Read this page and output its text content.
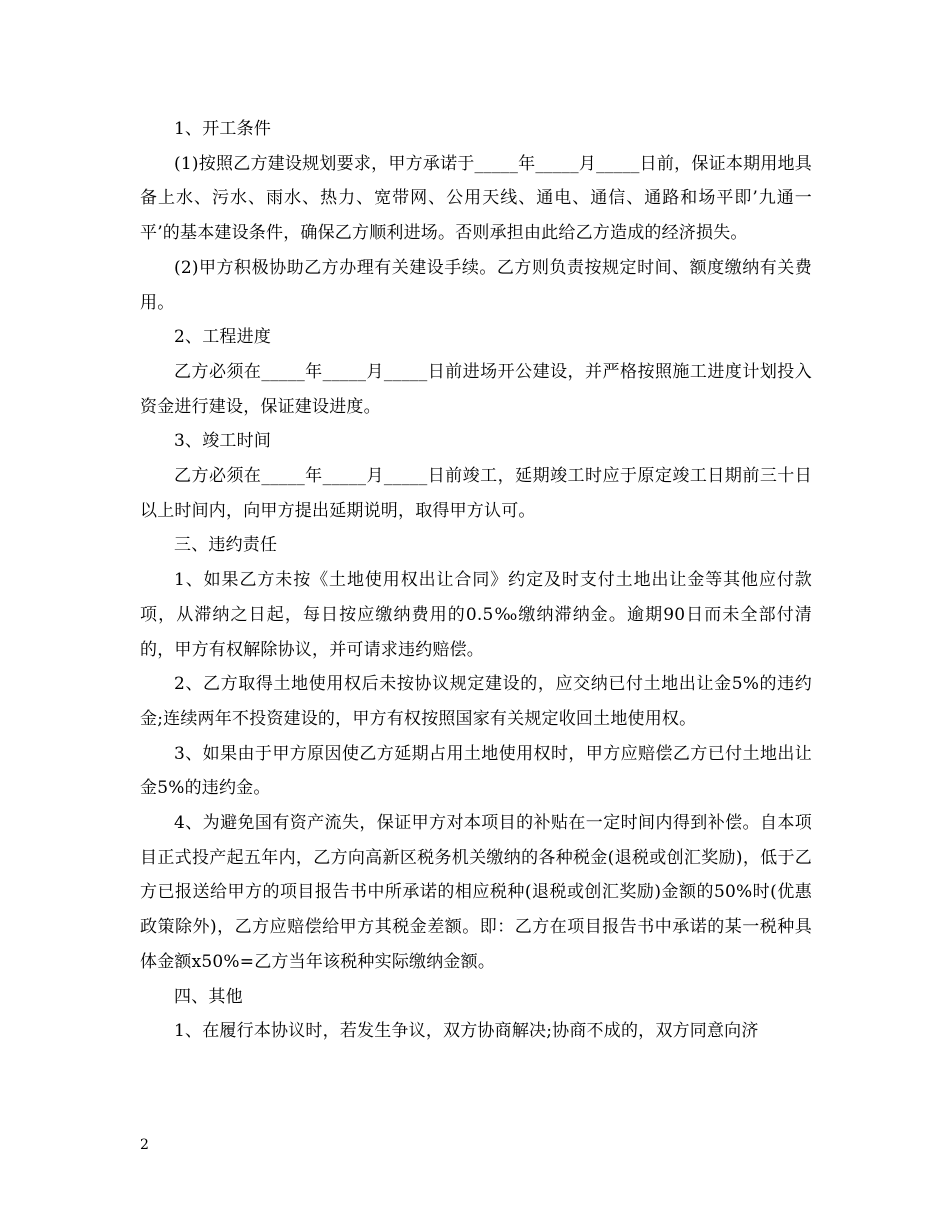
1、开工条件

(1)按照乙方建设规划要求，甲方承诺于_____年_____月_____日前，保证本期用地具备上水、污水、雨水、热力、宽带网、公用天线、通电、通信、通路和场平即’九通一平’的基本建设条件，确保乙方顺利进场。否则承担由此给乙方造成的经济损失。

(2)甲方积极协助乙方办理有关建设手续。乙方则负责按规定时间、额度缴纳有关费用。

2、工程进度

乙方必须在_____年_____月_____日前进场开公建设，并严格按照施工进度计划投入资金进行建设，保证建设进度。

3、竣工时间

乙方必须在_____年_____月_____日前竣工，延期竣工时应于原定竣工日期前三十日以上时间内，向甲方提出延期说明，取得甲方认可。

三、违约责任

1、如果乙方未按《土地使用权出让合同》约定及时支付土地出让金等其他应付款项，从滞纳之日起，每日按应缴纳费用的0.5‰缴纳滞纳金。逾期90日而未全部付清的，甲方有权解除协议，并可请求违约赔偿。

2、乙方取得土地使用权后未按协议规定建设的，应交纳已付土地出让金5%的违约金;连续两年不投资建设的，甲方有权按照国家有关规定收回土地使用权。

3、如果由于甲方原因使乙方延期占用土地使用权时，甲方应赔偿乙方已付土地出让金5%的违约金。

4、为避免国有资产流失，保证甲方对本项目的补贴在一定时间内得到补偿。自本项目正式投产起五年内，乙方向高新区税务机关缴纳的各种税金(退税或创汇奖励)，低于乙方已报送给甲方的项目报告书中所承诺的相应税种(退税或创汇奖励)金额的50%时(优惠政策除外)，乙方应赔偿给甲方其税金差额。即：乙方在项目报告书中承诺的某一税种具体金额x50%=乙方当年该税种实际缴纳金额。

四、其他

1、在履行本协议时，若发生争议，双方协商解决;协商不成的，双方同意向济

2
